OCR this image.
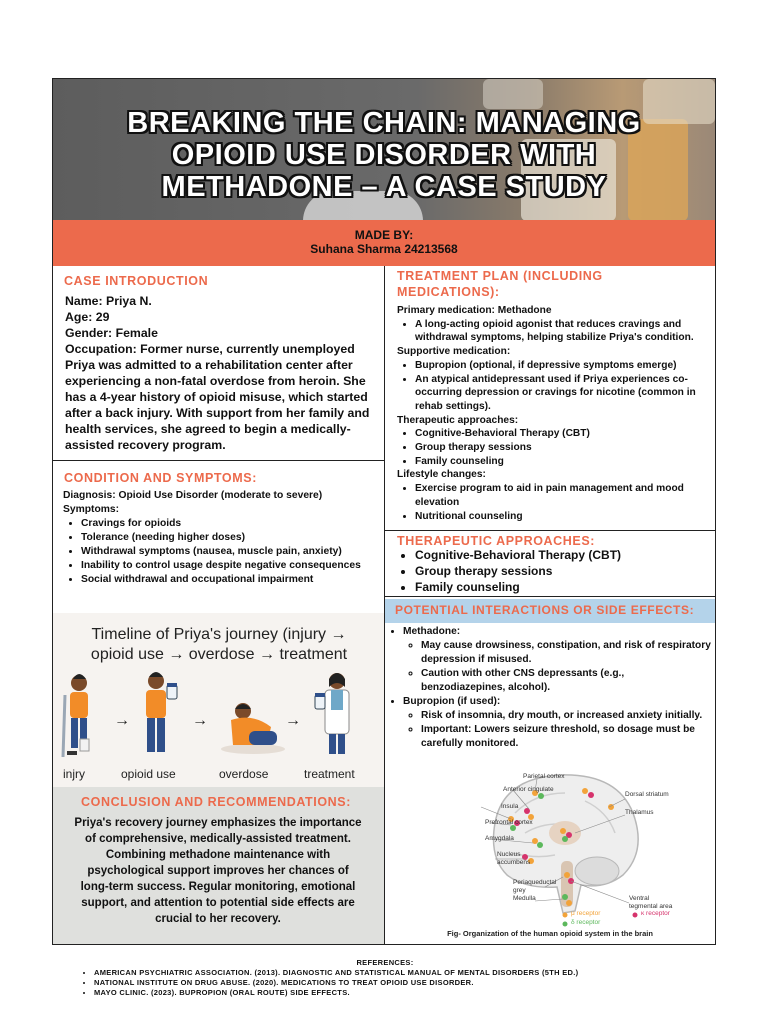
BREAKING THE CHAIN: MANAGING
OPIOID USE DISORDER WITH
METHADONE – A CASE STUDY
MADE BY:
Suhana Sharma 24213568
CASE INTRODUCTION
Name: Priya N.
Age: 29
Gender: Female
Occupation: Former nurse, currently unemployed
Priya was admitted to a rehabilitation center after experiencing a non-fatal overdose from heroin. She has a 4-year history of opioid misuse, which started after a back injury. With support from her family and health services, she agreed to begin a medically-assisted recovery program.
TREATMENT PLAN (INCLUDING MEDICATIONS):
Primary medication: Methadone
• A long-acting opioid agonist that reduces cravings and withdrawal symptoms, helping stabilize Priya's condition.
Supportive medication:
• Bupropion (optional, if depressive symptoms emerge)
• An atypical antidepressant used if Priya experiences co-occurring depression or cravings for nicotine (common in rehab settings).
Therapeutic approaches:
• Cognitive-Behavioral Therapy (CBT)
• Group therapy sessions
• Family counseling
Lifestyle changes:
• Exercise program to aid in pain management and mood elevation
• Nutritional counseling
CONDITION AND SYMPTOMS:
Diagnosis: Opioid Use Disorder (moderate to severe)
Symptoms:
• Cravings for opioids
• Tolerance (needing higher doses)
• Withdrawal symptoms (nausea, muscle pain, anxiety)
• Inability to control usage despite negative consequences
• Social withdrawal and occupational impairment
THERAPEUTIC APPROACHES:
• Cognitive-Behavioral Therapy (CBT)
• Group therapy sessions
• Family counseling
Timeline of Priya's journey (injury →
opioid use → overdose → treatment
→	→	→
injry	opioid use	overdose	treatment
CONCLUSION AND RECOMMENDATIONS:
Priya's recovery journey emphasizes the importance of comprehensive, medically-assisted treatment. Combining methadone maintenance with psychological support improves her chances of long-term success. Regular monitoring, emotional support, and attention to potential side effects are crucial to her recovery.
POTENTIAL INTERACTIONS OR SIDE EFFECTS:
• Methadone:
◦ May cause drowsiness, constipation, and risk of respiratory depression if misused.
◦ Caution with other CNS depressants (e.g., benzodiazepines, alcohol).
• Bupropion (if used):
◦ Risk of insomnia, dry mouth, or increased anxiety initially.
◦ Important: Lowers seizure threshold, so dosage must be carefully monitored.
Parietal cortex
Anterior cingulate
Dorsal striatum
Insula
Thalamus
Prefrontal cortex
Amygdala
Nucleus accumbens
Periaqueductal grey
Medulla	Ventral tegmental area
μ receptor	κ receptor
δ receptor
Fig- Organization of the human opioid system in the brain
REFERENCES:
• AMERICAN PSYCHIATRIC ASSOCIATION. (2013). DIAGNOSTIC AND STATISTICAL MANUAL OF MENTAL DISORDERS (5TH ED.)
• NATIONAL INSTITUTE ON DRUG ABUSE. (2020). MEDICATIONS TO TREAT OPIOID USE DISORDER.
• MAYO CLINIC. (2023). BUPROPION (ORAL ROUTE) SIDE EFFECTS.
